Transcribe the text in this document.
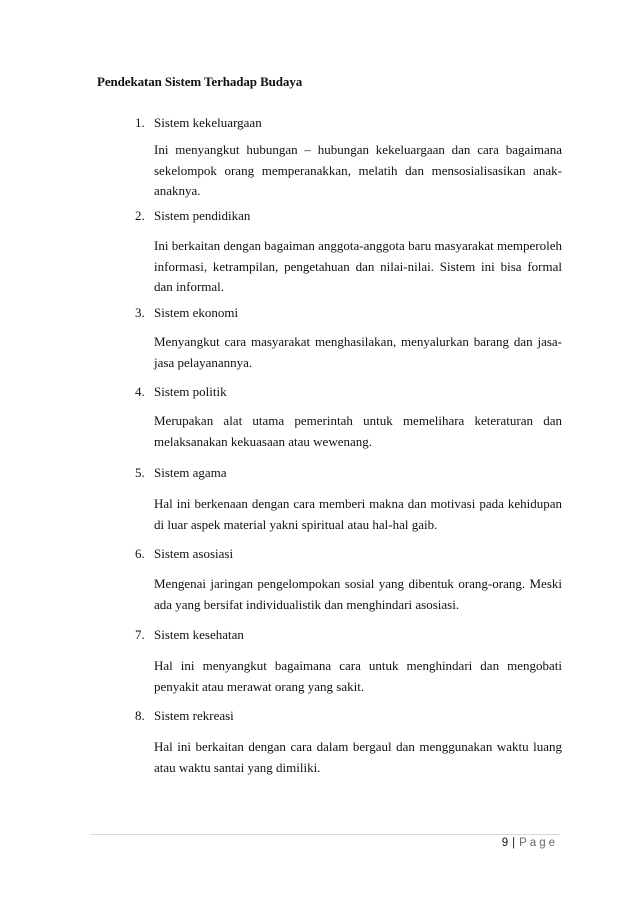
Pendekatan Sistem Terhadap Budaya
1. Sistem kekeluargaan
Ini menyangkut hubungan – hubungan kekeluargaan dan cara bagaimana sekelompok orang memperanakkan, melatih dan mensosialisasikan anak-anaknya.
2. Sistem pendidikan
Ini berkaitan dengan bagaiman anggota-anggota baru masyarakat memperoleh informasi, ketrampilan, pengetahuan dan nilai-nilai. Sistem ini bisa formal dan informal.
3. Sistem ekonomi
Menyangkut cara masyarakat menghasilakan, menyalurkan barang dan jasa-jasa pelayanannya.
4. Sistem politik
Merupakan alat utama pemerintah untuk memelihara keteraturan dan melaksanakan kekuasaan atau wewenang.
5. Sistem agama
Hal ini berkenaan dengan cara memberi makna dan motivasi pada kehidupan di luar aspek material yakni spiritual atau hal-hal gaib.
6. Sistem asosiasi
Mengenai jaringan pengelompokan sosial yang dibentuk orang-orang. Meski ada yang bersifat individualistik dan menghindari asosiasi.
7. Sistem kesehatan
Hal ini menyangkut bagaimana cara untuk menghindari dan mengobati penyakit atau merawat orang yang sakit.
8. Sistem rekreasi
Hal ini berkaitan dengan cara dalam bergaul dan menggunakan waktu luang atau waktu santai yang dimiliki.
9 | Page
